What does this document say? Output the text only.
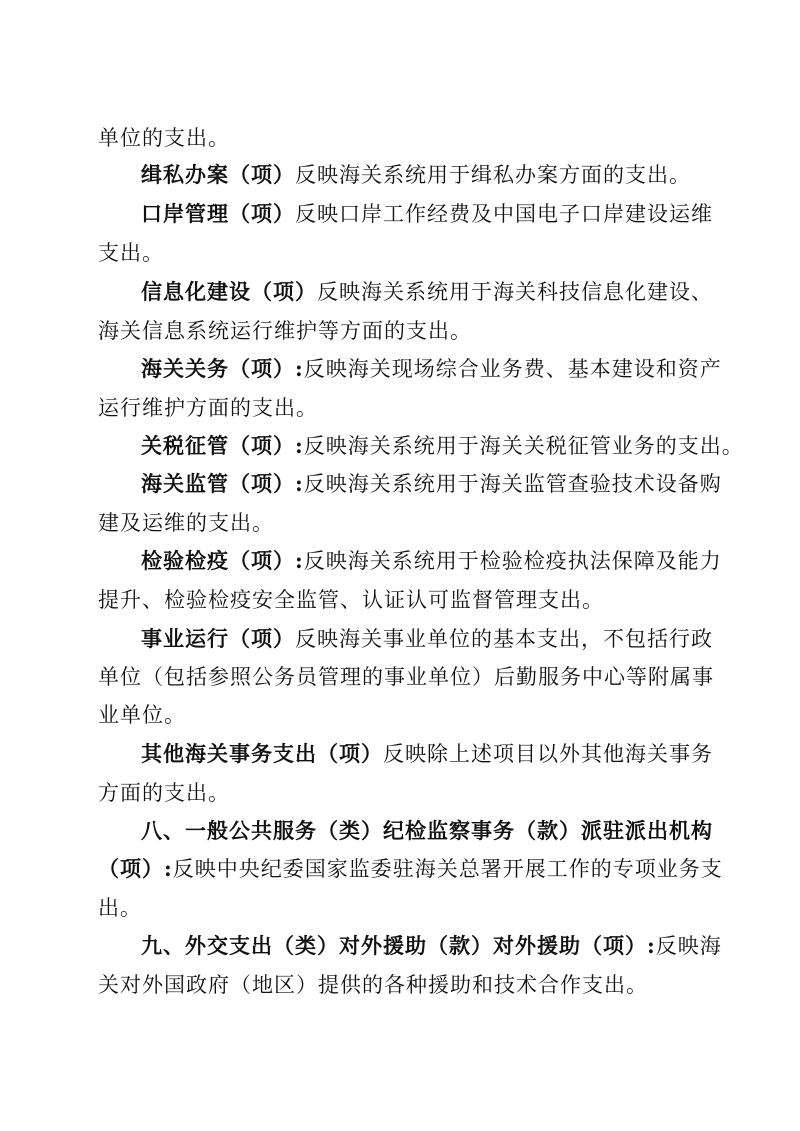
单位的支出。
缉私办案（项）反映海关系统用于缉私办案方面的支出。
口岸管理（项）反映口岸工作经费及中国电子口岸建设运维
支出。
信息化建设（项）反映海关系统用于海关科技信息化建设、
海关信息系统运行维护等方面的支出。
海关关务（项）:反映海关现场综合业务费、基本建设和资产
运行维护方面的支出。
关税征管（项）:反映海关系统用于海关关税征管业务的支出。
海关监管（项）:反映海关系统用于海关监管查验技术设备购
建及运维的支出。
检验检疫（项）:反映海关系统用于检验检疫执法保障及能力
提升、检验检疫安全监管、认证认可监督管理支出。
事业运行（项）反映海关事业单位的基本支出，不包括行政
单位（包括参照公务员管理的事业单位）后勤服务中心等附属事
业单位。
其他海关事务支出（项）反映除上述项目以外其他海关事务
方面的支出。
八、一般公共服务（类）纪检监察事务（款）派驻派出机构
（项）:反映中央纪委国家监委驻海关总署开展工作的专项业务支
出。
九、外交支出（类）对外援助（款）对外援助（项）:反映海
关对外国政府（地区）提供的各种援助和技术合作支出。
